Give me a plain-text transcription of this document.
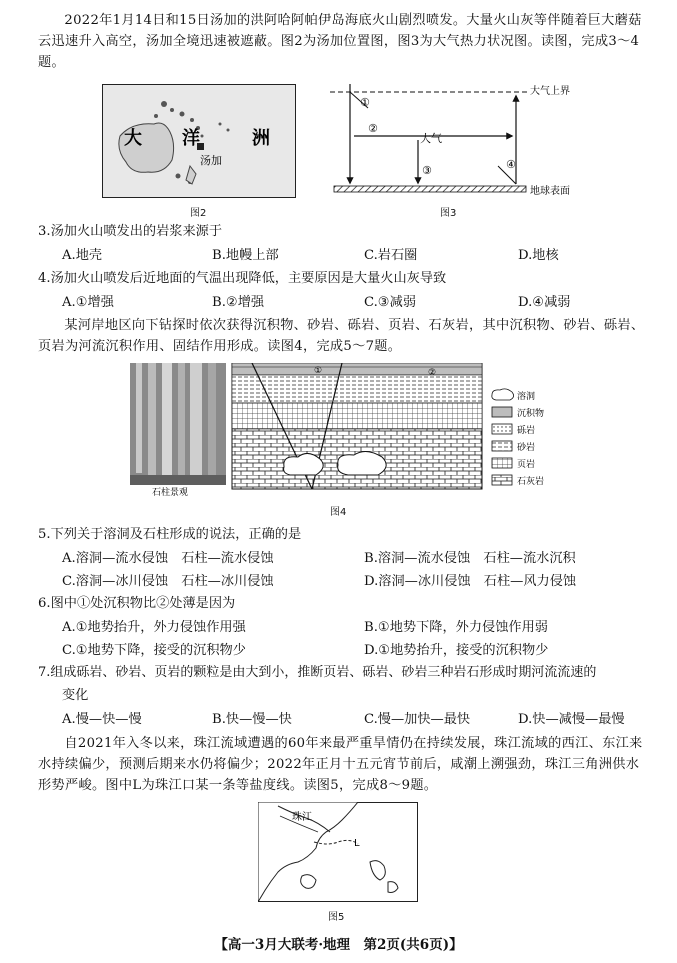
2022年1月14日和15日汤加的洪阿哈阿帕伊岛海底火山剧烈喷发。大量火山灰等伴随着巨大蘑菇云迅速升入高空，汤加全境迅速被遮蔽。图2为汤加位置图，图3为大气热力状况图。读图，完成3～4题。
大 洋	洲
汤加
图2
①
②
大气
③	④
大气上界
地球表面
图3
3.汤加火山喷发出的岩浆来源于
A.地壳	B.地幔上部	C.岩石圈	D.地核
4.汤加火山喷发后近地面的气温出现降低，主要原因是大量火山灰导致
A.①增强	B.②增强	C.③减弱	D.④减弱
某河岸地区向下钻探时依次获得沉积物、砂岩、砾岩、页岩、石灰岩，其中沉积物、砂岩、砾岩、页岩为河流沉积作用、固结作用形成。读图4，完成5～7题。
①	②
溶洞
沉积物
砾岩
砂岩
页岩
石灰岩
石柱景观
图4
5.下列关于溶洞及石柱形成的说法，正确的是
A.溶洞—流水侵蚀　石柱—流水侵蚀	B.溶洞—流水侵蚀　石柱—流水沉积
C.溶洞—冰川侵蚀　石柱—冰川侵蚀	D.溶洞—冰川侵蚀　石柱—风力侵蚀
6.图中①处沉积物比②处薄是因为
A.①地势抬升，外力侵蚀作用强	B.①地势下降，外力侵蚀作用弱
C.①地势下降，接受的沉积物少	D.①地势抬升，接受的沉积物少
7.组成砾岩、砂岩、页岩的颗粒是由大到小，推断页岩、砾岩、砂岩三种岩石形成时期河流流速的
变化
A.慢—快—慢	B.快—慢—快	C.慢—加快—最快	D.快—减慢—最慢
自2021年入冬以来，珠江流域遭遇的60年来最严重旱情仍在持续发展，珠江流域的西江、东江来水持续偏少，预测后期来水仍将偏少；2022年正月十五元宵节前后，咸潮上溯强劲，珠江三角洲供水形势严峻。图中L为珠江口某一条等盐度线。读图5，完成8～9题。
珠江
L
图5
【高一3月大联考·地理　第2页(共6页)】
